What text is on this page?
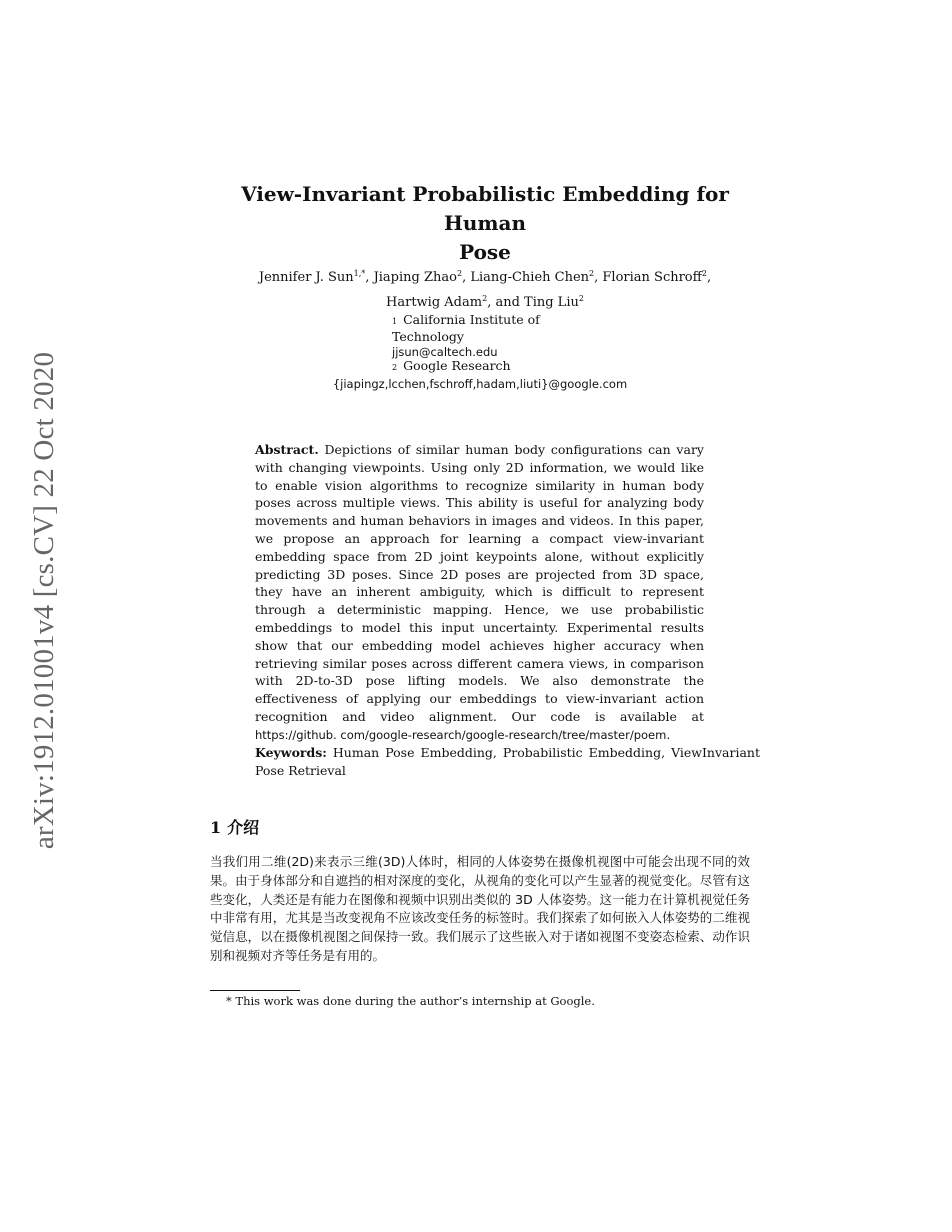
arXiv:1912.01001v4 [cs.CV] 22 Oct 2020
View-Invariant Probabilistic Embedding for Human
Pose
Jennifer J. Sun$^{1,*}$, Jiaping Zhao$^2$, Liang-Chieh Chen$^2$, Florian Schroff$^2$,
Hartwig Adam$^2$, and Ting Liu$^2$
1 California Institute of Technology
jjsun@caltech.edu
2 Google Research
{jiapingz,lcchen,fschroff,hadam,liuti}@google.com
Abstract. Depictions of similar human body configurations can vary with changing viewpoints. Using only 2D information, we would like to enable vision algorithms to recognize similarity in human body poses across multiple views. This ability is useful for analyzing body movements and human behaviors in images and videos. In this paper, we propose an approach for learning a compact view-invariant embedding space from 2D joint keypoints alone, without explicitly predicting 3D poses. Since 2D poses are projected from 3D space, they have an inherent ambiguity, which is difficult to represent through a deterministic mapping. Hence, we use probabilistic embeddings to model this input uncertainty. Experimental results show that our embedding model achieves higher accuracy when retrieving similar poses across different camera views, in comparison with 2D-to-3D pose lifting models. We also demonstrate the effectiveness of applying our embeddings to view-invariant action recognition and video alignment. Our code is available at https://github. com/google-research/google-research/tree/master/poem.
Keywords: Human Pose Embedding, Probabilistic Embedding, ViewInvariant Pose Retrieval
1 介绍
当我们用二维(2D)来表示三维(3D)人体时，相同的人体姿势在摄像机视图中可能会出现不同的效果。由于身体部分和自遮挡的相对深度的变化，从视角的变化可以产生显著的视觉变化。尽管有这些变化，人类还是有能力在图像和视频中识别出类似的 3D 人体姿势。这一能力在计算机视觉任务中非常有用，尤其是当改变视角不应该改变任务的标签时。我们探索了如何嵌入人体姿势的二维视觉信息，以在摄像机视图之间保持一致。我们展示了这些嵌入对于诸如视图不变姿态检索、动作识别和视频对齐等任务是有用的。
* This work was done during the author’s internship at Google.
